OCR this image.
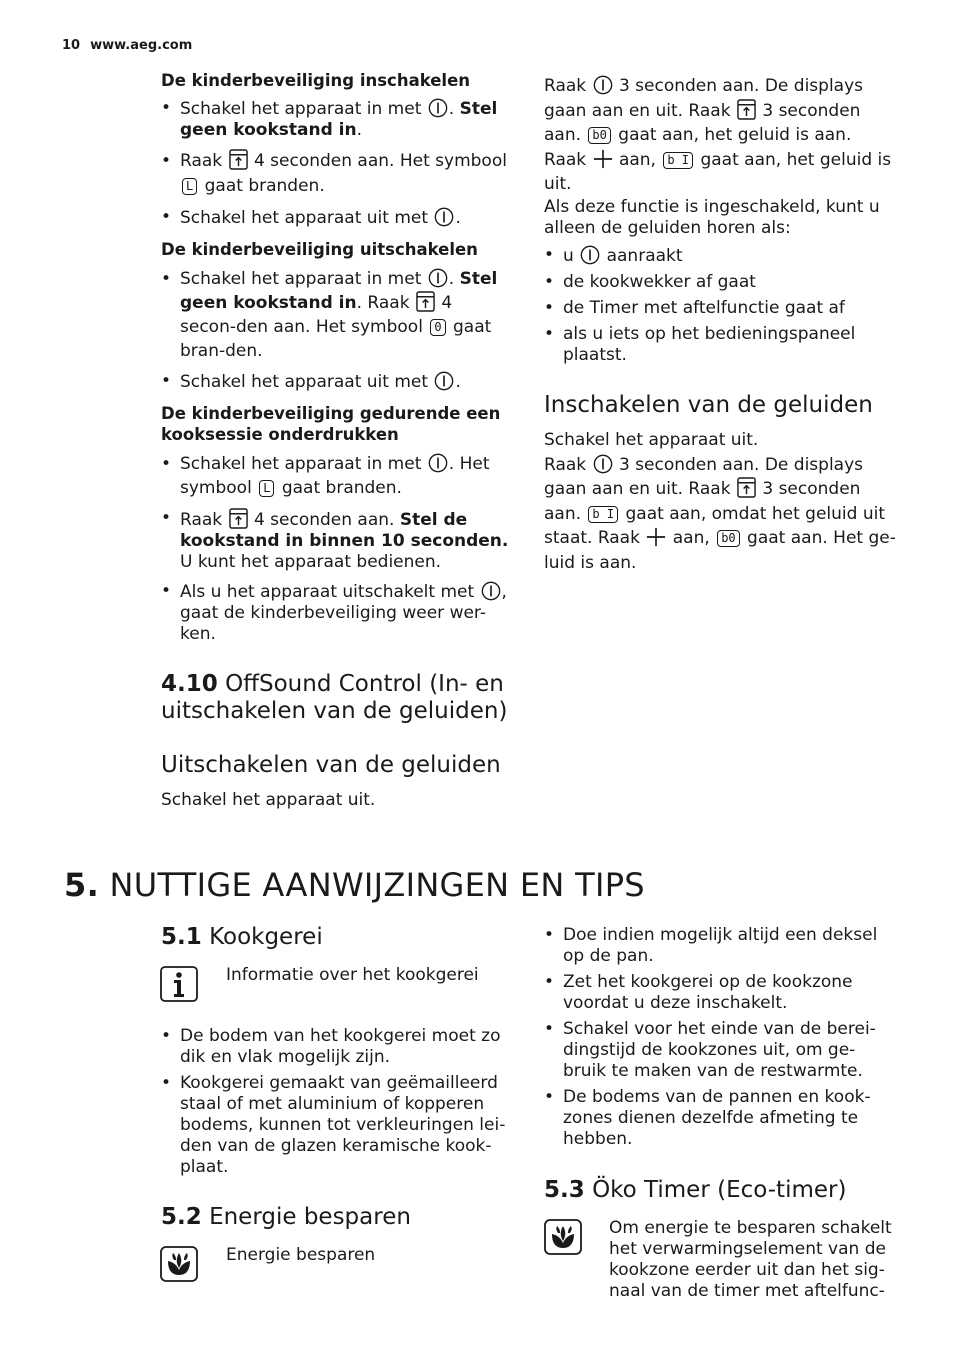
10 www.aeg.com

De kinderbeveiliging inschakelen

• Schakel het apparaat in met . Stel geen kookstand in.
• Raak 4 seconden aan. Het symbool L gaat branden.
• Schakel het apparaat uit met .

De kinderbeveiliging uitschakelen

• Schakel het apparaat in met . Stel geen kookstand in. Raak 4 secon-den aan. Het symbool 0 gaat bran-den.
• Schakel het apparaat uit met .

De kinderbeveiliging gedurende een kooksessie onderdrukken

• Schakel het apparaat in met . Het symbool L gaat branden.
• Raak 4 seconden aan. Stel de kookstand in binnen 10 seconden. U kunt het apparaat bedienen.
• Als u het apparaat uitschakelt met , gaat de kinderbeveiliging weer wer-ken.

4.10 OffSound Control (In- en uitschakelen van de geluiden)

Uitschakelen van de geluiden

Schakel het apparaat uit.

Raak 3 seconden aan. De displays gaan aan en uit. Raak 3 seconden aan. b0 gaat aan, het geluid is aan. Raak aan, b I gaat aan, het geluid is uit.

Als deze functie is ingeschakeld, kunt u alleen de geluiden horen als:

• u aanraakt
• de kookwekker af gaat
• de Timer met aftelfunctie gaat af
• als u iets op het bedieningspaneel plaatst.

Inschakelen van de geluiden

Schakel het apparaat uit.

Raak 3 seconden aan. De displays gaan aan en uit. Raak 3 seconden aan. b I gaat aan, omdat het geluid uit staat. Raak aan, b0 gaat aan. Het ge-luid is aan.

5. NUTTIGE AANWIJZINGEN EN TIPS

5.1 Kookgerei

Informatie over het kookgerei
• De bodem van het kookgerei moet zo dik en vlak mogelijk zijn.
• Kookgerei gemaakt van geëmailleerd staal of met aluminium of kopperen bodems, kunnen tot verkleuringen lei-den van de glazen keramische kook-plaat.

5.2 Energie besparen

Energie besparen
• Doe indien mogelijk altijd een deksel op de pan.
• Zet het kookgerei op de kookzone voordat u deze inschakelt.
• Schakel voor het einde van de berei-dingstijd de kookzones uit, om ge-bruik te maken van de restwarmte.
• De bodems van de pannen en kook-zones dienen dezelfde afmeting te hebben.

5.3 Öko Timer (Eco-timer)

Om energie te besparen schakelt het verwarmingselement van de kookzone eerder uit dan het sig-naal van de timer met aftelfunc-
